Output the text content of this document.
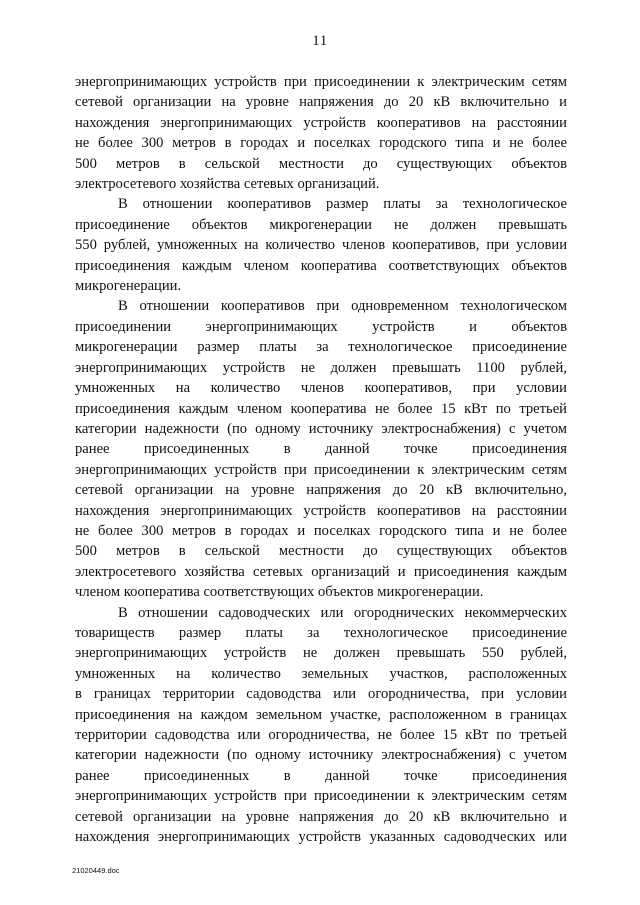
11
энергопринимающих устройств при присоединении к электрическим сетям
сетевой организации на уровне напряжения до 20 кВ включительно и
нахождения энергопринимающих устройств кооперативов на расстоянии
не более 300 метров в городах и поселках городского типа и не более
500 метров в сельской местности до существующих объектов
электросетевого хозяйства сетевых организаций.
В отношении кооперативов размер платы за технологическое
присоединение объектов микрогенерации не должен превышать
550 рублей, умноженных на количество членов кооперативов, при условии
присоединения каждым членом кооператива соответствующих объектов
микрогенерации.
В отношении кооперативов при одновременном технологическом
присоединении энергопринимающих устройств и объектов
микрогенерации размер платы за технологическое присоединение
энергопринимающих устройств не должен превышать 1100 рублей,
умноженных на количество членов кооперативов, при условии
присоединения каждым членом кооператива не более 15 кВт по третьей
категории надежности (по одному источнику электроснабжения) с учетом
ранее присоединенных в данной точке присоединения
энергопринимающих устройств при присоединении к электрическим сетям
сетевой организации на уровне напряжения до 20 кВ включительно,
нахождения энергопринимающих устройств кооперативов на расстоянии
не более 300 метров в городах и поселках городского типа и не более
500 метров в сельской местности до существующих объектов
электросетевого хозяйства сетевых организаций и присоединения каждым
членом кооператива соответствующих объектов микрогенерации.
В отношении садоводческих или огороднических некоммерческих
товариществ размер платы за технологическое присоединение
энергопринимающих устройств не должен превышать 550 рублей,
умноженных на количество земельных участков, расположенных
в границах территории садоводства или огородничества, при условии
присоединения на каждом земельном участке, расположенном в границах
территории садоводства или огородничества, не более 15 кВт по третьей
категории надежности (по одному источнику электроснабжения) с учетом
ранее присоединенных в данной точке присоединения
энергопринимающих устройств при присоединении к электрическим сетям
сетевой организации на уровне напряжения до 20 кВ включительно и
нахождения энергопринимающих устройств указанных садоводческих или
21020449.doc
